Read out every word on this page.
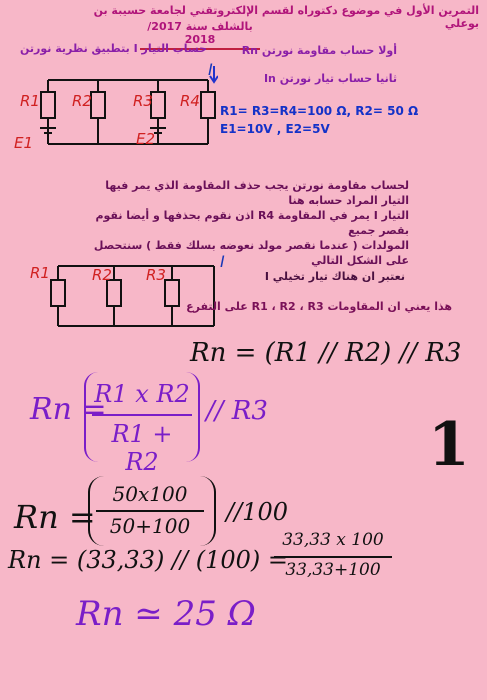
التمرين الأول في موضوع دكتوراه لقسم الإلكتروتقني لجامعة حسيبة بن بوعلي
بالشلف سنة 2017/ 2018
حساب التيار I بتطبيق نظرية نورتن	أولا حساب مقاومة نورتن Rn
ثانيا حساب تيار نورتن In
R1 R2	R3 R4
E1	E2
I
R1= R3=R4=100 Ω, R2= 50 Ω
E1=10V , E2=5V
لحساب مقاومة نورتن يجب حذف المقاومة الذي يمر فيها التيار المراد حسابه هنا
التيار I يمر في المقاومة R4 اذن نقوم بحذفها و أيضا نقوم بقصر جميع
المولدات ( عندما نقصر مولد نعوضه بسلك فقط ) سنتحصل على الشكل التالي
R1	R2 R3
I
نعتبر ان هناك تيار تخيلي I
هذا يعني ان المقاومات R1 ، R2 ، R3 على التفرع
Rn = (R1 // R2) // R3
Rn =
R1 x R2
R1 + R2
// R3	1
Rn =
50x100
50+100	//100
Rn = (33,33) // (100) =
33,33 x 100
33,33+100
Rn ≃ 25 Ω
